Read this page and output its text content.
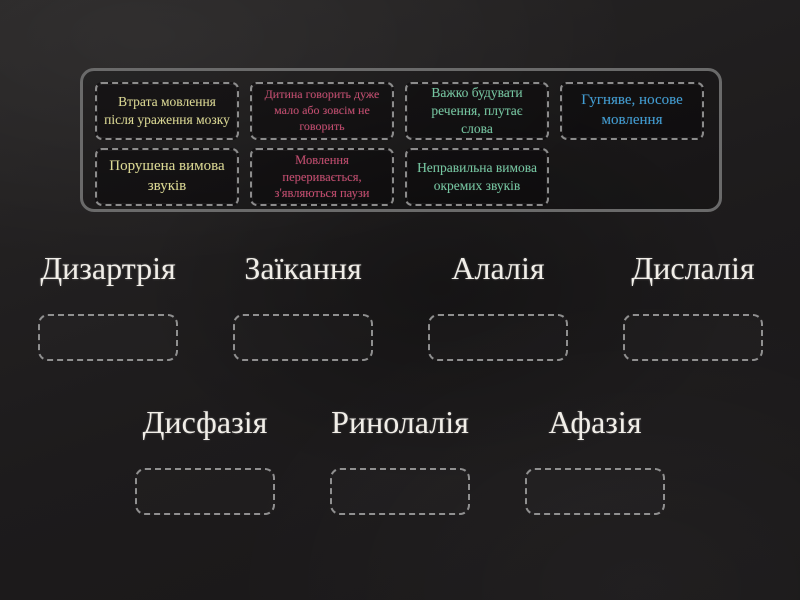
Втрата мовлення після ураження мозку
Дитина говорить дуже мало або зовсім не говорить
Важко будувати речення, плутає слова
Гугняве, носове мовлення
Порушена вимова звуків
Мовлення переривається, з'являються паузи
Неправильна вимова окремих звуків
Дизартрія Заїкання	Алалія	Дислалія
Дисфазія Ринолалія Афазія
